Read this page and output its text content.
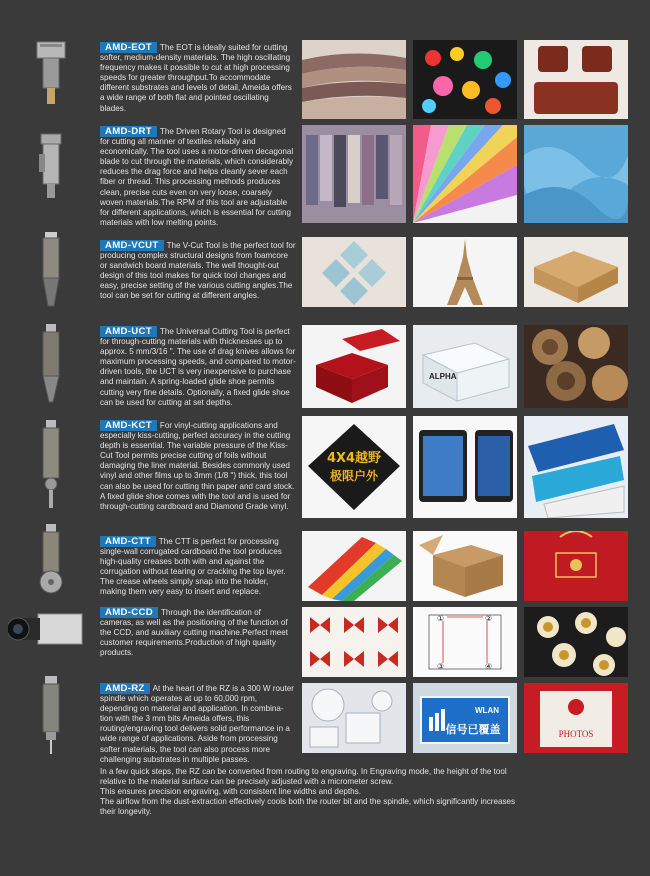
AMD-EOT The EOT is ideally suited for cutting softer, medium-density materials. The high oscillating frequency makes it possible to cut at high processing speeds for greater throughput.To accommodate different substrates and levels of detail, Ameida offers a wide range of both flat and pointed oscillating blades.
AMD-DRT The Driven Rotary Tool is designed for cutting all manner of textiles reliably and economically. The tool uses a motor-driven decagonal blade to cut through the materials, which considerably reduces the drag force and helps cleanly sever each fiber or thread. This processing methods produces clean, precise cuts even on very loose, coarsely woven materials.The RPM of this tool are adjustable for different applications, which is essential for cutting materials with low melting points.
AMD-VCUT The V-Cut Tool is the perfect tool for producing complex structural designs from foamcore or sandwich board materials. The well thought-out design of this tool makes for quick tool changes and easy, precise setting of the various cutting angles.The tool can be set for cutting at different angles.
AMD-UCT The Universal Cutting Tool is perfect for through-cutting materials with thicknesses up to approx. 5 mm/3/16 ". The use of drag knives allows for maximum processing speeds, and compared to motor-driven tools, the UCT is very inexpensive to purchase and maintain. A spring-loaded glide shoe permits cutting very fine details. Optionally, a fixed glide shoe can be used for cutting at set depths.
ALPHA
AMD-KCT For vinyl-cutting applications and especially kiss-cutting, perfect accuracy in the cutting depth is essential. The variable pressure of the Kiss-Cut Tool permits precise cutting of foils without damaging the liner material. Besides commonly used vinyl and other films up to 3mm (1/8 ") thick, this tool can also be used for cutting thin paper and card stock. A fixed glide shoe comes with the tool and is used for through-cutting cardboard and Diamond Grade vinyl.
4X4越野
极限户外
AMD-CTT The CTT is perfect for processing single-wall corrugated cardboard.the tool produces high-quality creases both with and against the corrugation without tearing or cracking the top layer. The crease wheels simply snap into the holder, making them very easy to insert and replace.
AMD-CCD Through the identification of cameras, as well as the positioning of the function of the CCD, and auxiliary cutting machine.Perfect meet customer requirements.Production of high quality products.
①	②
③	④
AMD-RZ At the heart of the RZ is a 300 W router spindle which operates at up to 60,000 rpm, depending on material and application. In combina-tion with the 3 mm bits Ameida offers, this routing/engraving tool delivers solid performance in a wide range of applications. Aside from processing softer materials, the tool can also process more challenging substrates in multiple passes.
WLAN
信号已覆盖	PHOTOS

In a few quick steps, the RZ can be converted from routing to engraving. In Engraving mode, the height of the tool relative to the material surface can be precisely adjusted with a micrometer screw.

This ensures precision engraving, with consistent line widths and depths.

The airflow from the dust-extraction effectively cools both the router bit and the spindle, which significantly increases their longevity.
